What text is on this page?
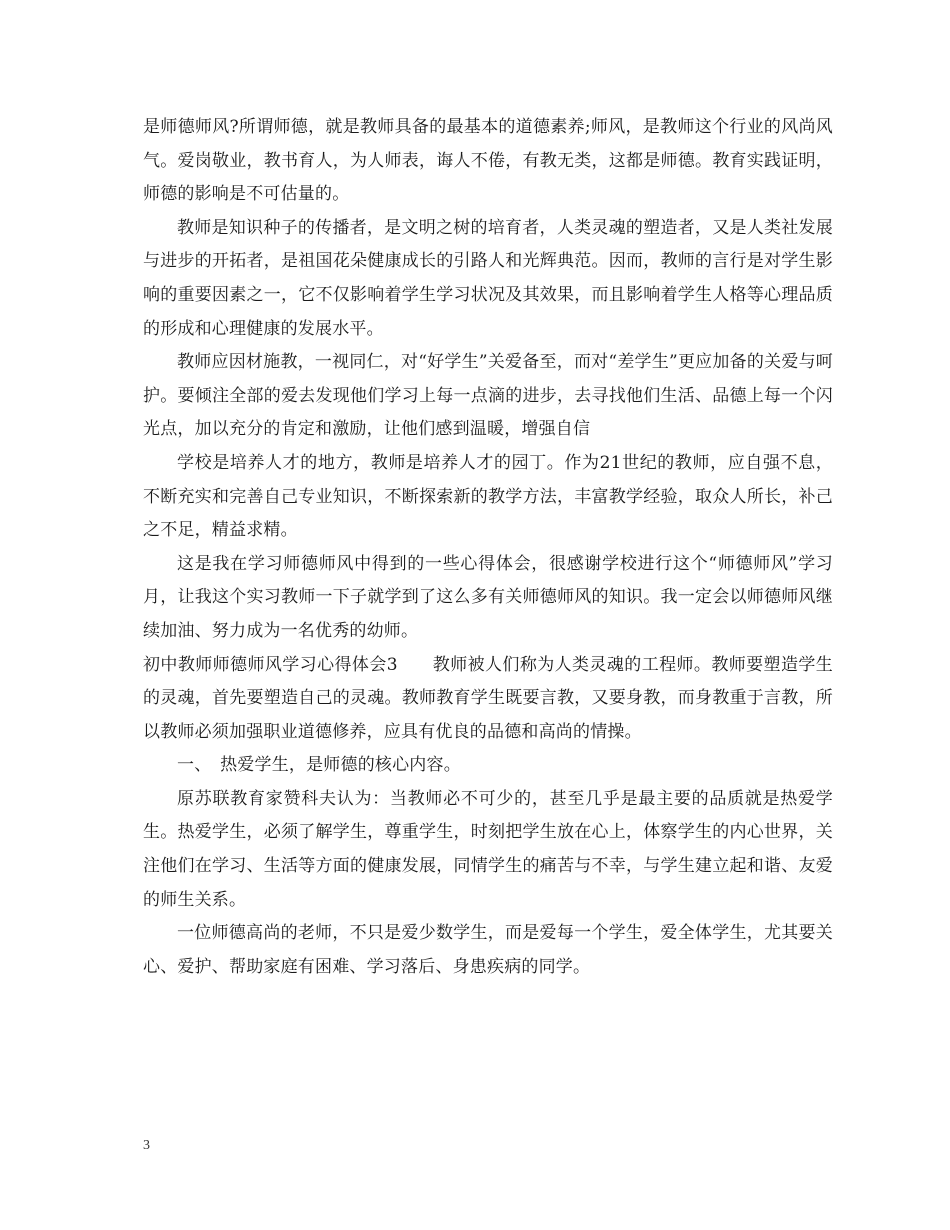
是师德师风?所谓师德，就是教师具备的最基本的道德素养;师风，是教师这个行业的风尚风气。爱岗敬业，教书育人，为人师表，诲人不倦，有教无类，这都是师德。教育实践证明，师德的影响是不可估量的。

教师是知识种子的传播者，是文明之树的培育者，人类灵魂的塑造者，又是人类社发展与进步的开拓者，是祖国花朵健康成长的引路人和光辉典范。因而，教师的言行是对学生影响的重要因素之一，它不仅影响着学生学习状况及其效果，而且影响着学生人格等心理品质的形成和心理健康的发展水平。

教师应因材施教，一视同仁，对“好学生”关爱备至，而对“差学生”更应加备的关爱与呵护。要倾注全部的爱去发现他们学习上每一点滴的进步，去寻找他们生活、品德上每一个闪光点，加以充分的肯定和激励，让他们感到温暖，增强自信

学校是培养人才的地方，教师是培养人才的园丁。作为21世纪的教师，应自强不息，不断充实和完善自己专业知识，不断探索新的教学方法，丰富教学经验，取众人所长，补己之不足，精益求精。

这是我在学习师德师风中得到的一些心得体会，很感谢学校进行这个“师德师风”学习月，让我这个实习教师一下子就学到了这么多有关师德师风的知识。我一定会以师德师风继续加油、努力成为一名优秀的幼师。

初中教师师德师风学习心得体会3　　 教师被人们称为人类灵魂的工程师。教师要塑造学生的灵魂，首先要塑造自己的灵魂。教师教育学生既要言教，又要身教，而身教重于言教，所以教师必须加强职业道德修养，应具有优良的品德和高尚的情操。

一、　 热爱学生，是师德的核心内容。

原苏联教育家赞科夫认为：当教师必不可少的，甚至几乎是最主要的品质就是热爱学生。热爱学生，必须了解学生，尊重学生，时刻把学生放在心上，体察学生的内心世界，关注他们在学习、生活等方面的健康发展，同情学生的痛苦与不幸，与学生建立起和谐、友爱的师生关系。

一位师德高尚的老师，不只是爱少数学生，而是爱每一个学生，爱全体学生，尤其要关心、爱护、帮助家庭有困难、学习落后、身患疾病的同学。

3
